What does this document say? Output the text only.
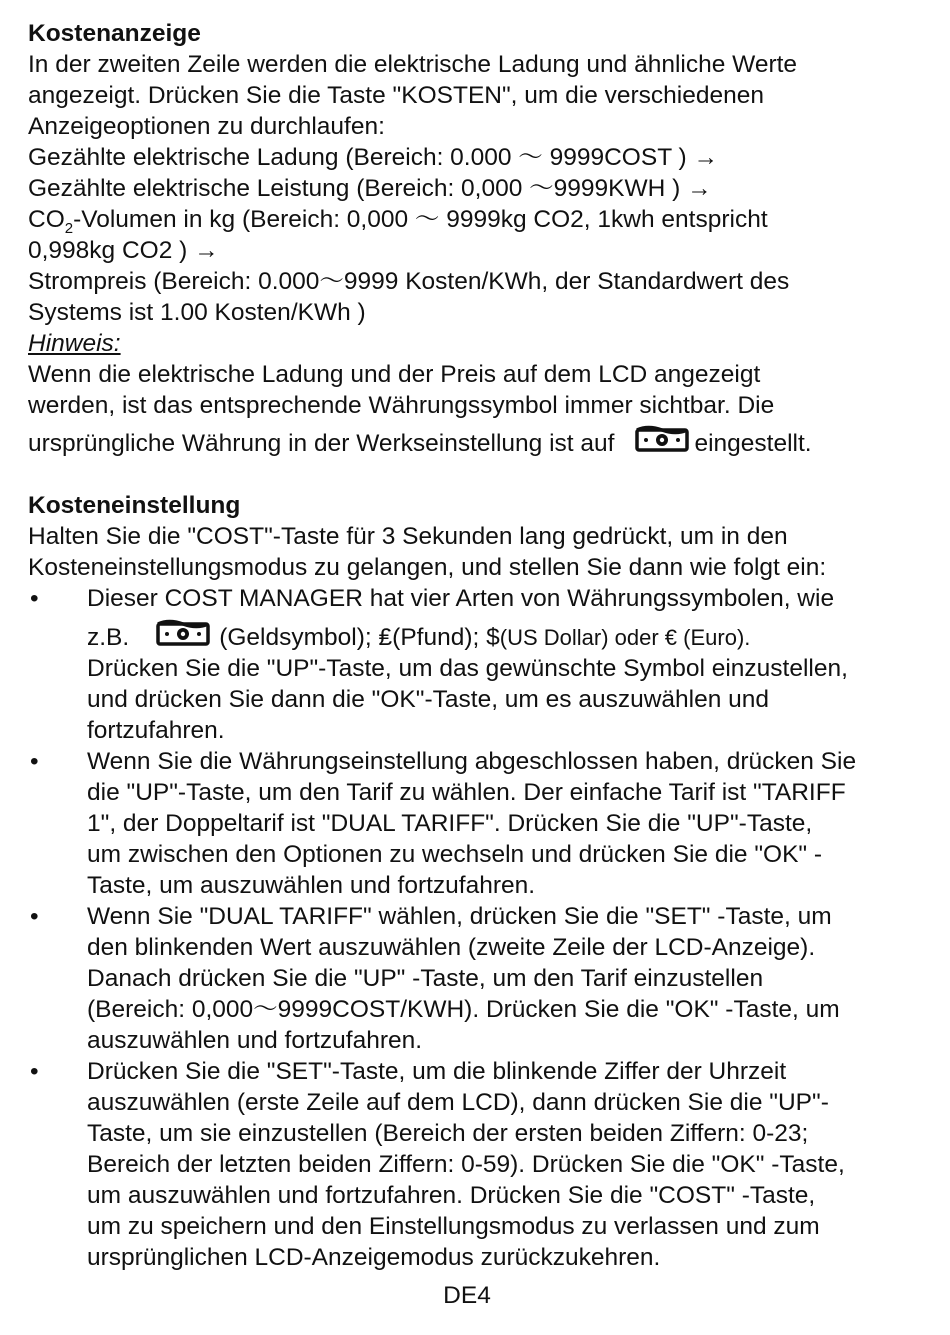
Kostenanzeige

In der zweiten Zeile werden die elektrische Ladung und ähnliche Werte

angezeigt. Drücken Sie die Taste "KOSTEN", um die verschiedenen

Anzeigeoptionen zu durchlaufen:

Gezählte elektrische Ladung (Bereich: 0.000 ～ 9999COST ) →

Gezählte elektrische Leistung (Bereich: 0,000 ～9999KWH ) →

$CO_2$-Volumen in kg (Bereich: 0,000 ～ 9999kg CO2, 1kwh entspricht

0,998kg CO2 ) →

Strompreis (Bereich: 0.000～9999 Kosten/KWh, der Standardwert des

Systems ist 1.00 Kosten/KWh )

Hinweis:

Wenn die elektrische Ladung und der Preis auf dem LCD angezeigt

werden, ist das entsprechende Währungssymbol immer sichtbar. Die

ursprüngliche Währung in der Werkseinstellung ist auf	eingestellt.

Kosteneinstellung

Halten Sie die "COST"-Taste für 3 Sekunden lang gedrückt, um in den

Kosteneinstellungsmodus zu gelangen, und stellen Sie dann wie folgt ein:

• Dieser COST MANAGER hat vier Arten von Währungssymbolen, wie

z.B.	(Geldsymbol); ₤(Pfund); $(US Dollar) oder € (Euro).

Drücken Sie die "UP"-Taste, um das gewünschte Symbol einzustellen,

und drücken Sie dann die "OK"-Taste, um es auszuwählen und

fortzufahren.

• Wenn Sie die Währungseinstellung abgeschlossen haben, drücken Sie

die "UP"-Taste, um den Tarif zu wählen. Der einfache Tarif ist "TARIFF

1", der Doppeltarif ist "DUAL TARIFF". Drücken Sie die "UP"-Taste,

um zwischen den Optionen zu wechseln und drücken Sie die "OK" -

Taste, um auszuwählen und fortzufahren.

• Wenn Sie "DUAL TARIFF" wählen, drücken Sie die "SET" -Taste, um

den blinkenden Wert auszuwählen (zweite Zeile der LCD-Anzeige).

Danach drücken Sie die "UP" -Taste, um den Tarif einzustellen

(Bereich: 0,000～9999COST/KWH). Drücken Sie die "OK" -Taste, um

auszuwählen und fortzufahren.

• Drücken Sie die "SET"-Taste, um die blinkende Ziffer der Uhrzeit

auszuwählen (erste Zeile auf dem LCD), dann drücken Sie die "UP"-

Taste, um sie einzustellen (Bereich der ersten beiden Ziffern: 0-23;

Bereich der letzten beiden Ziffern: 0-59). Drücken Sie die "OK" -Taste,

um auszuwählen und fortzufahren. Drücken Sie die "COST" -Taste,

um zu speichern und den Einstellungsmodus zu verlassen und zum

ursprünglichen LCD-Anzeigemodus zurückzukehren.

DE4
